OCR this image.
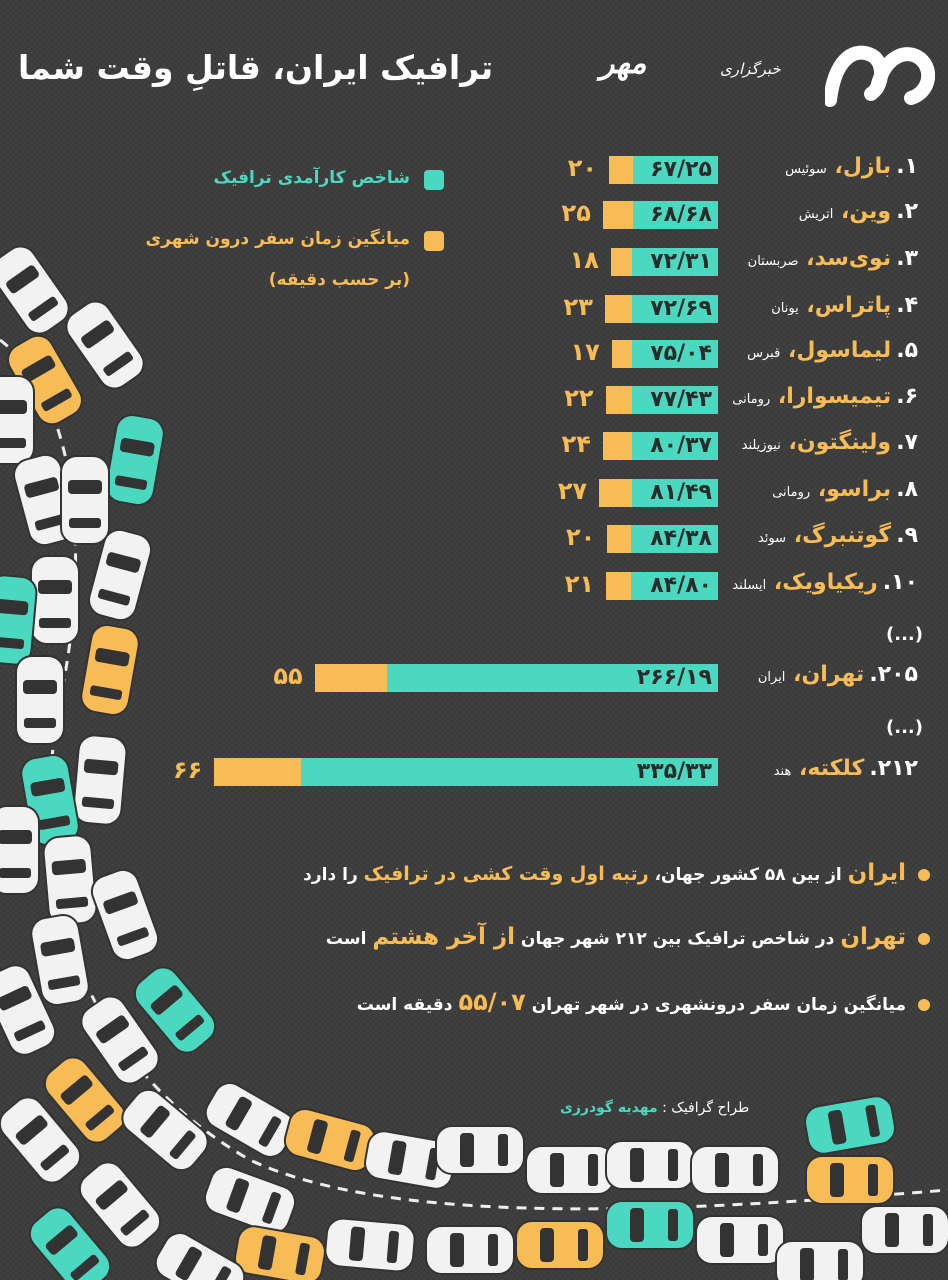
ترافیک ایران، قاتلِ وقت شما	مهر	خبرگزاری
شاخص کارآمدی ترافیک
میانگین زمان سفر درون شهری
(بر حسب دقیقه)
۱. بازل، سوئیس
۶۷/۲۵
۲۰
۲. وین، اتریش
۶۸/۶۸
۲۵
۳. نوی‌سد، صربستان
۷۲/۳۱
۱۸
۴. پاتراس، یونان
۷۲/۶۹
۲۳
۵. لیماسول، قبرس
۷۵/۰۴
۱۷
۶. تیمیسوارا، رومانی
۷۷/۴۳
۲۲
۷. ولینگتون، نیوزیلند
۸۰/۳۷
۲۴
۸. براسو، رومانی
۸۱/۴۹
۲۷
۹. گوتنبرگ، سوئد
۸۴/۳۸
۲۰
۱۰. ریکیاویک، ایسلند
۸۴/۸۰
۲۱
۲۰۵. تهران، ایران
۲۶۶/۱۹
۵۵
۲۱۲. کلکته، هند
۳۳۵/۳۳
۶۶
(...)
(...)
ایران از بین ۵۸ کشور جهان، رتبه اول وقت کشی در ترافیک را دارد
تهران در شاخص ترافیک بین ۲۱۲ شهر جهان از آخر هشتم است
میانگین زمان سفر درونشهری در شهر تهران ۵۵/۰۷ دقیقه است
طراح گرافیک : مهدیه گودرزی
